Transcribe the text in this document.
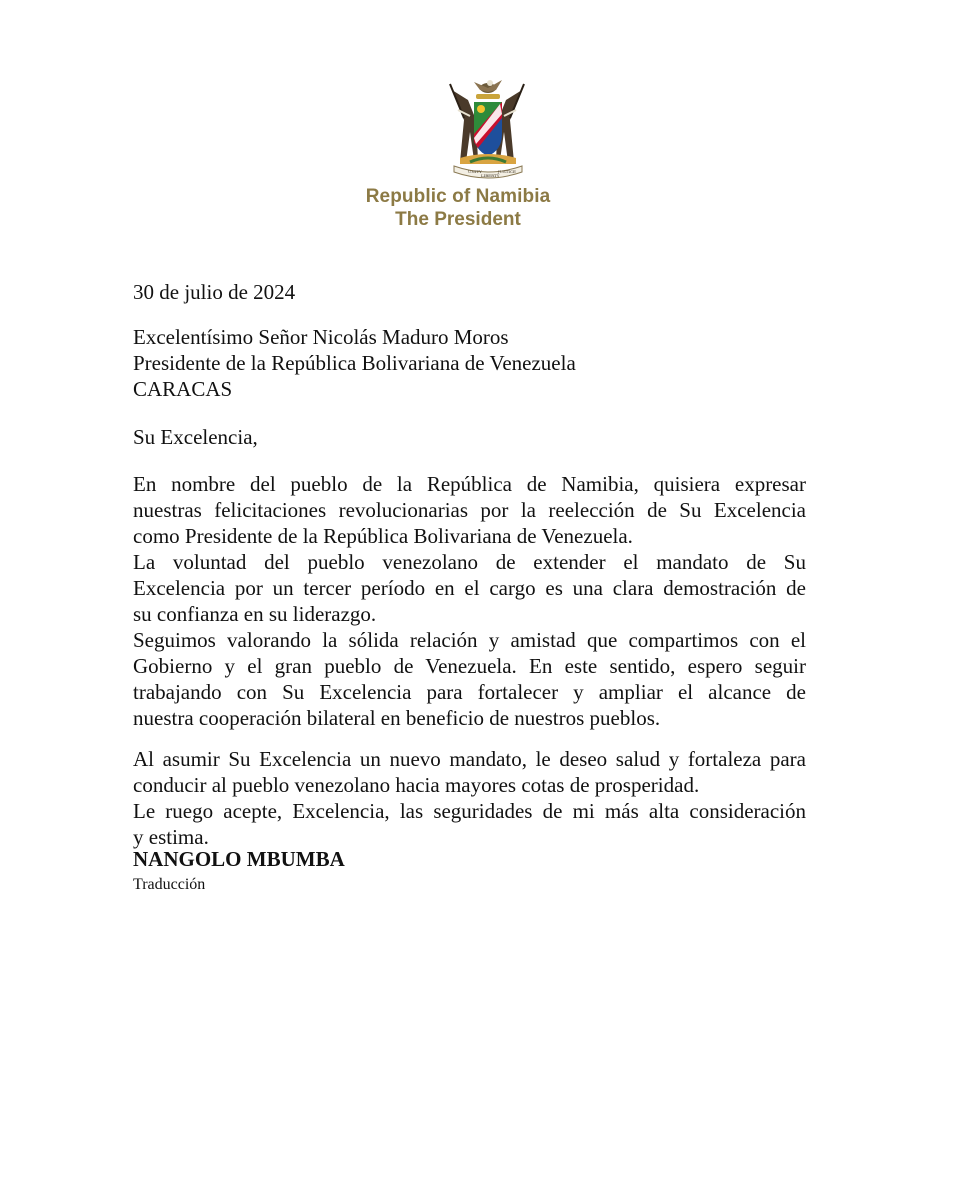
UNITY
LIBERTY
JUSTICE
Republic of Namibia
The President
30 de julio de 2024
Excelentísimo Señor Nicolás Maduro Moros
Presidente de la República Bolivariana de Venezuela
CARACAS
Su Excelencia,
En nombre del pueblo de la República de Namibia, quisiera expresar
nuestras felicitaciones revolucionarias por la reelección de Su Excelencia
como Presidente de la República Bolivariana de Venezuela.
La voluntad del pueblo venezolano de extender el mandato de Su
Excelencia por un tercer período en el cargo es una clara demostración de
su confianza en su liderazgo.
Seguimos valorando la sólida relación y amistad que compartimos con el
Gobierno y el gran pueblo de Venezuela. En este sentido, espero seguir
trabajando con Su Excelencia para fortalecer y ampliar el alcance de
nuestra cooperación bilateral en beneficio de nuestros pueblos.
Al asumir Su Excelencia un nuevo mandato, le deseo salud y fortaleza para
conducir al pueblo venezolano hacia mayores cotas de prosperidad.
Le ruego acepte, Excelencia, las seguridades de mi más alta consideración
y estima.
NANGOLO MBUMBA
Traducción
